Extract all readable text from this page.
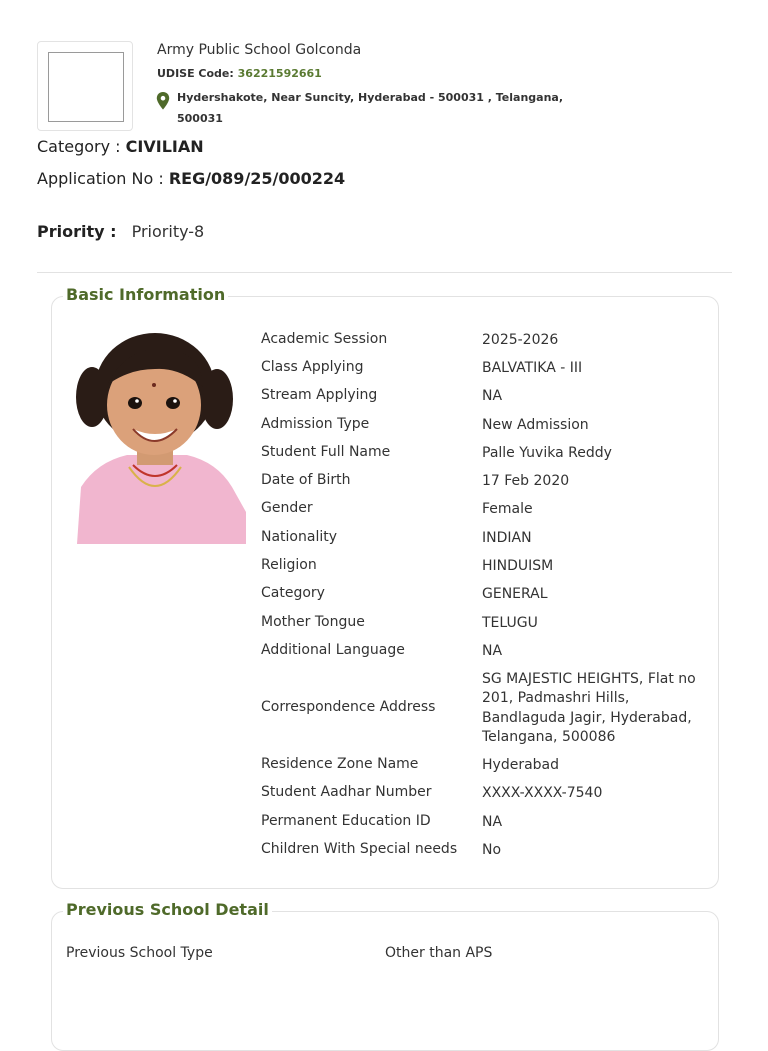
Army Public School Golconda
UDISE Code: 36221592661
Hydershakote, Near Suncity, Hyderabad - 500031 , Telangana, 500031
Category : CIVILIAN
Application No : REG/089/25/000224
Priority : Priority-8
Basic Information
Academic Session	2025-2026
Class Applying	BALVATIKA - III
Stream Applying	NA
Admission Type	New Admission
Student Full Name	Palle Yuvika Reddy
Date of Birth	17 Feb 2020
Gender	Female
Nationality	INDIAN
Religion	HINDUISM
Category	GENERAL
Mother Tongue	TELUGU
Additional Language	NA
Correspondence Address
SG MAJESTIC HEIGHTS, Flat no 201, Padmashri Hills, Bandlaguda Jagir, Hyderabad, Telangana, 500086
Residence Zone Name	Hyderabad
Student Aadhar Number	XXXX-XXXX-7540
Permanent Education ID	NA
Children With Special needs No
Previous School Detail
Previous School Type	Other than APS
